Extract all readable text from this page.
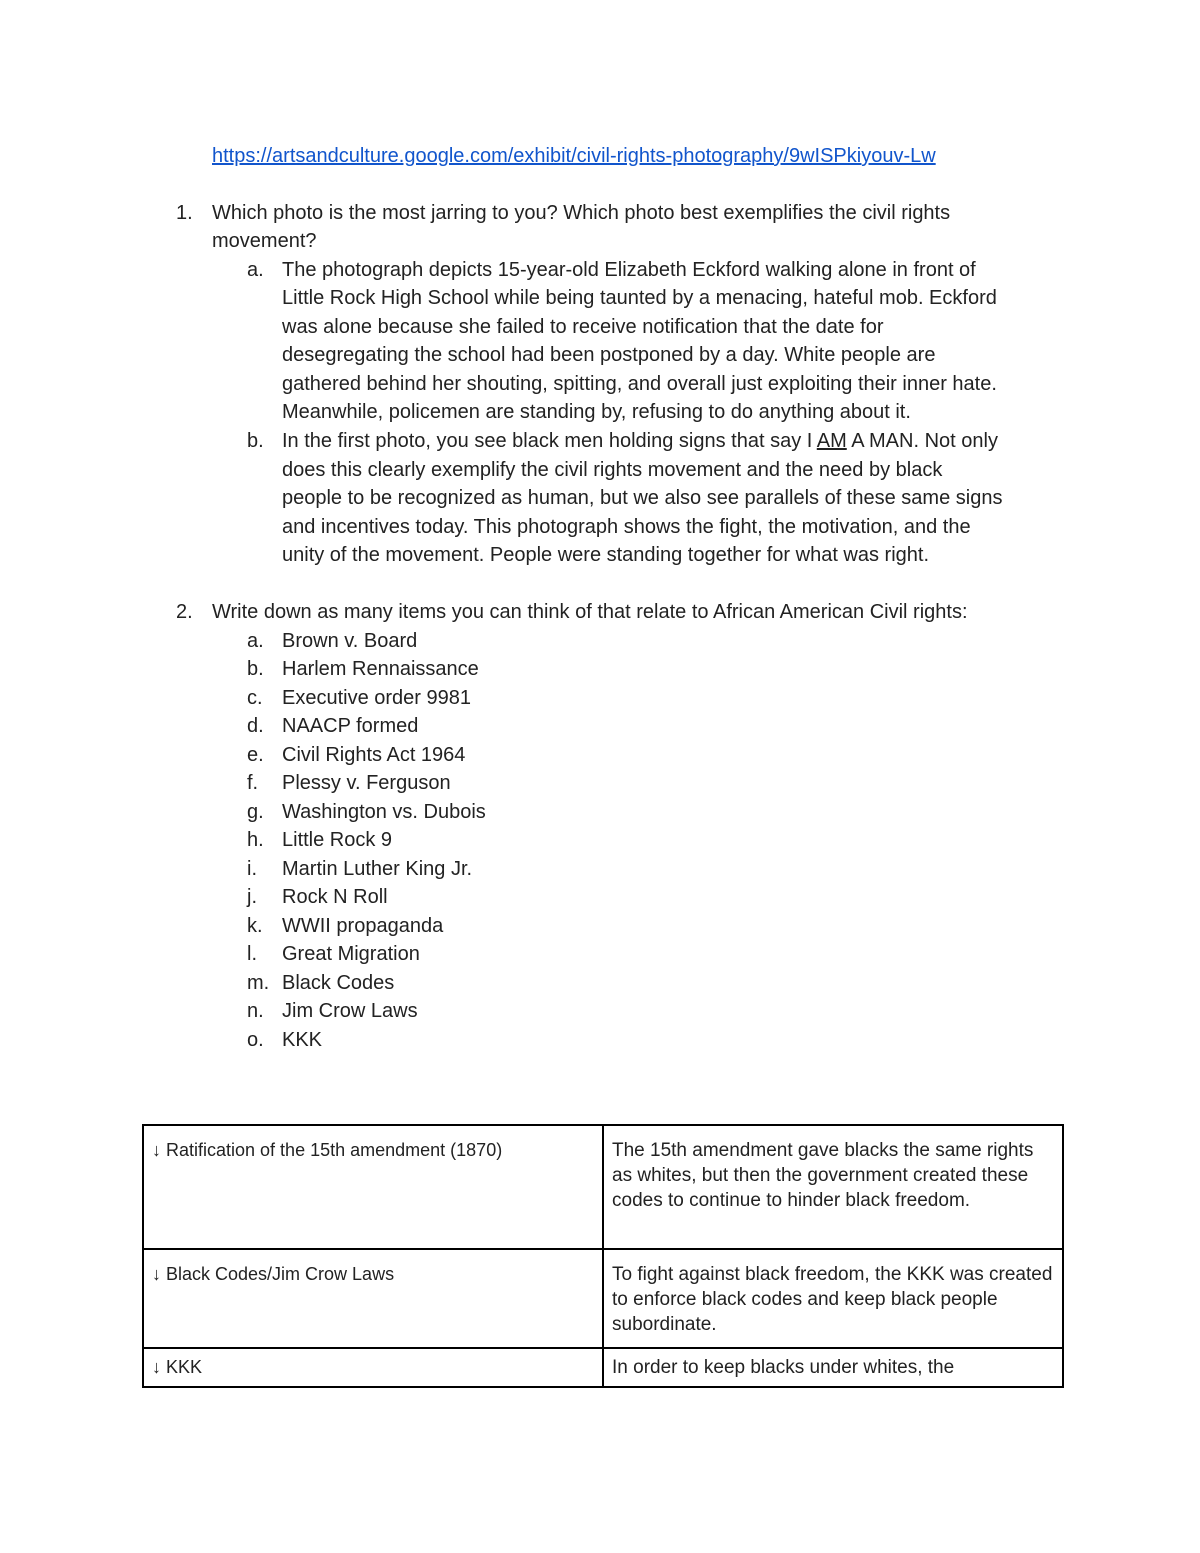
https://artsandculture.google.com/exhibit/civil-rights-photography/9wISPkiyouv-Lw
1. Which photo is the most jarring to you? Which photo best exemplifies the civil rights
movement?
a. The photograph depicts 15-year-old Elizabeth Eckford walking alone in front of
Little Rock High School while being taunted by a menacing, hateful mob. Eckford
was alone because she failed to receive notification that the date for
desegregating the school had been postponed by a day. White people are
gathered behind her shouting, spitting, and overall just exploiting their inner hate.
Meanwhile, policemen are standing by, refusing to do anything about it.
b. In the first photo, you see black men holding signs that say I AM A MAN. Not only
does this clearly exemplify the civil rights movement and the need by black
people to be recognized as human, but we also see parallels of these same signs
and incentives today. This photograph shows the fight, the motivation, and the
unity of the movement. People were standing together for what was right.
2. Write down as many items you can think of that relate to African American Civil rights:
a. Brown v. Board
b. Harlem Rennaissance
c. Executive order 9981
d. NAACP formed
e. Civil Rights Act 1964
f. Plessy v. Ferguson
g. Washington vs. Dubois
h. Little Rock 9
i. Martin Luther King Jr.
j. Rock N Roll
k. WWII propaganda
l. Great Migration
m. Black Codes
n. Jim Crow Laws
o. KKK
↓ Ratification of the 15th amendment (1870)	The 15th amendment gave blacks the same rights as whites, but then the government created these codes to continue to hinder black freedom.
↓ Black Codes/Jim Crow Laws	To fight against black freedom, the KKK was created to enforce black codes and keep black people subordinate.
↓ KKK	In order to keep blacks under whites, the
